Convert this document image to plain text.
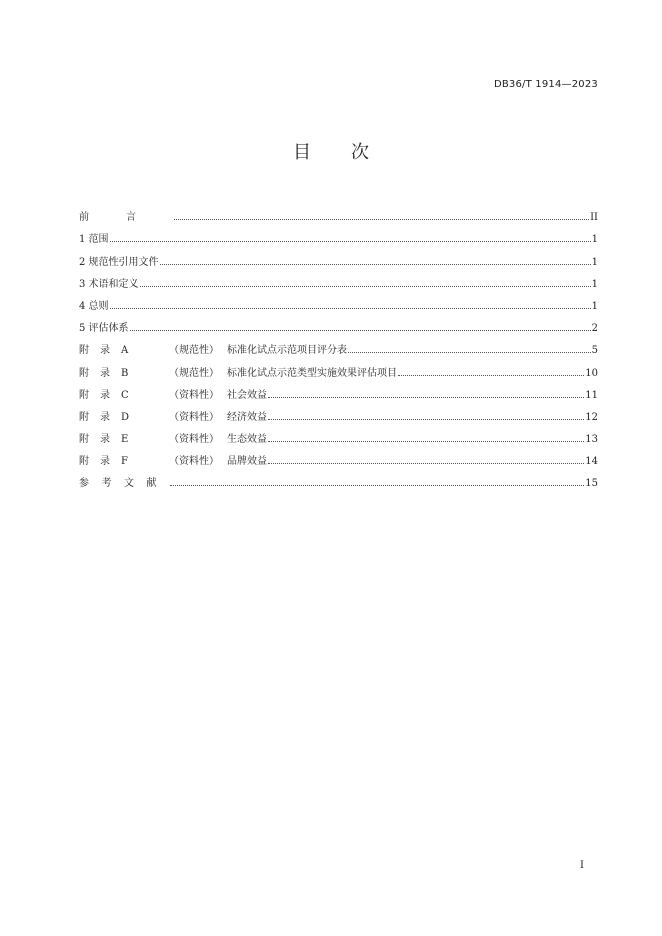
DB36/T 1914—2023
目 次
前言	II
1 范围	1
2 规范性引用文件	1
3 术语和定义	1
4 总则	1
5 评估体系	2
附录A	（规范性） 标准化试点示范项目评分表	5
附录B	（规范性） 标准化试点示范类型实施效果评估项目	10
附录C	（资料性） 社会效益	11
附录D	（资料性） 经济效益	12
附录E	（资料性） 生态效益	13
附录F	（资料性） 品牌效益	14
参考文献	15
I
